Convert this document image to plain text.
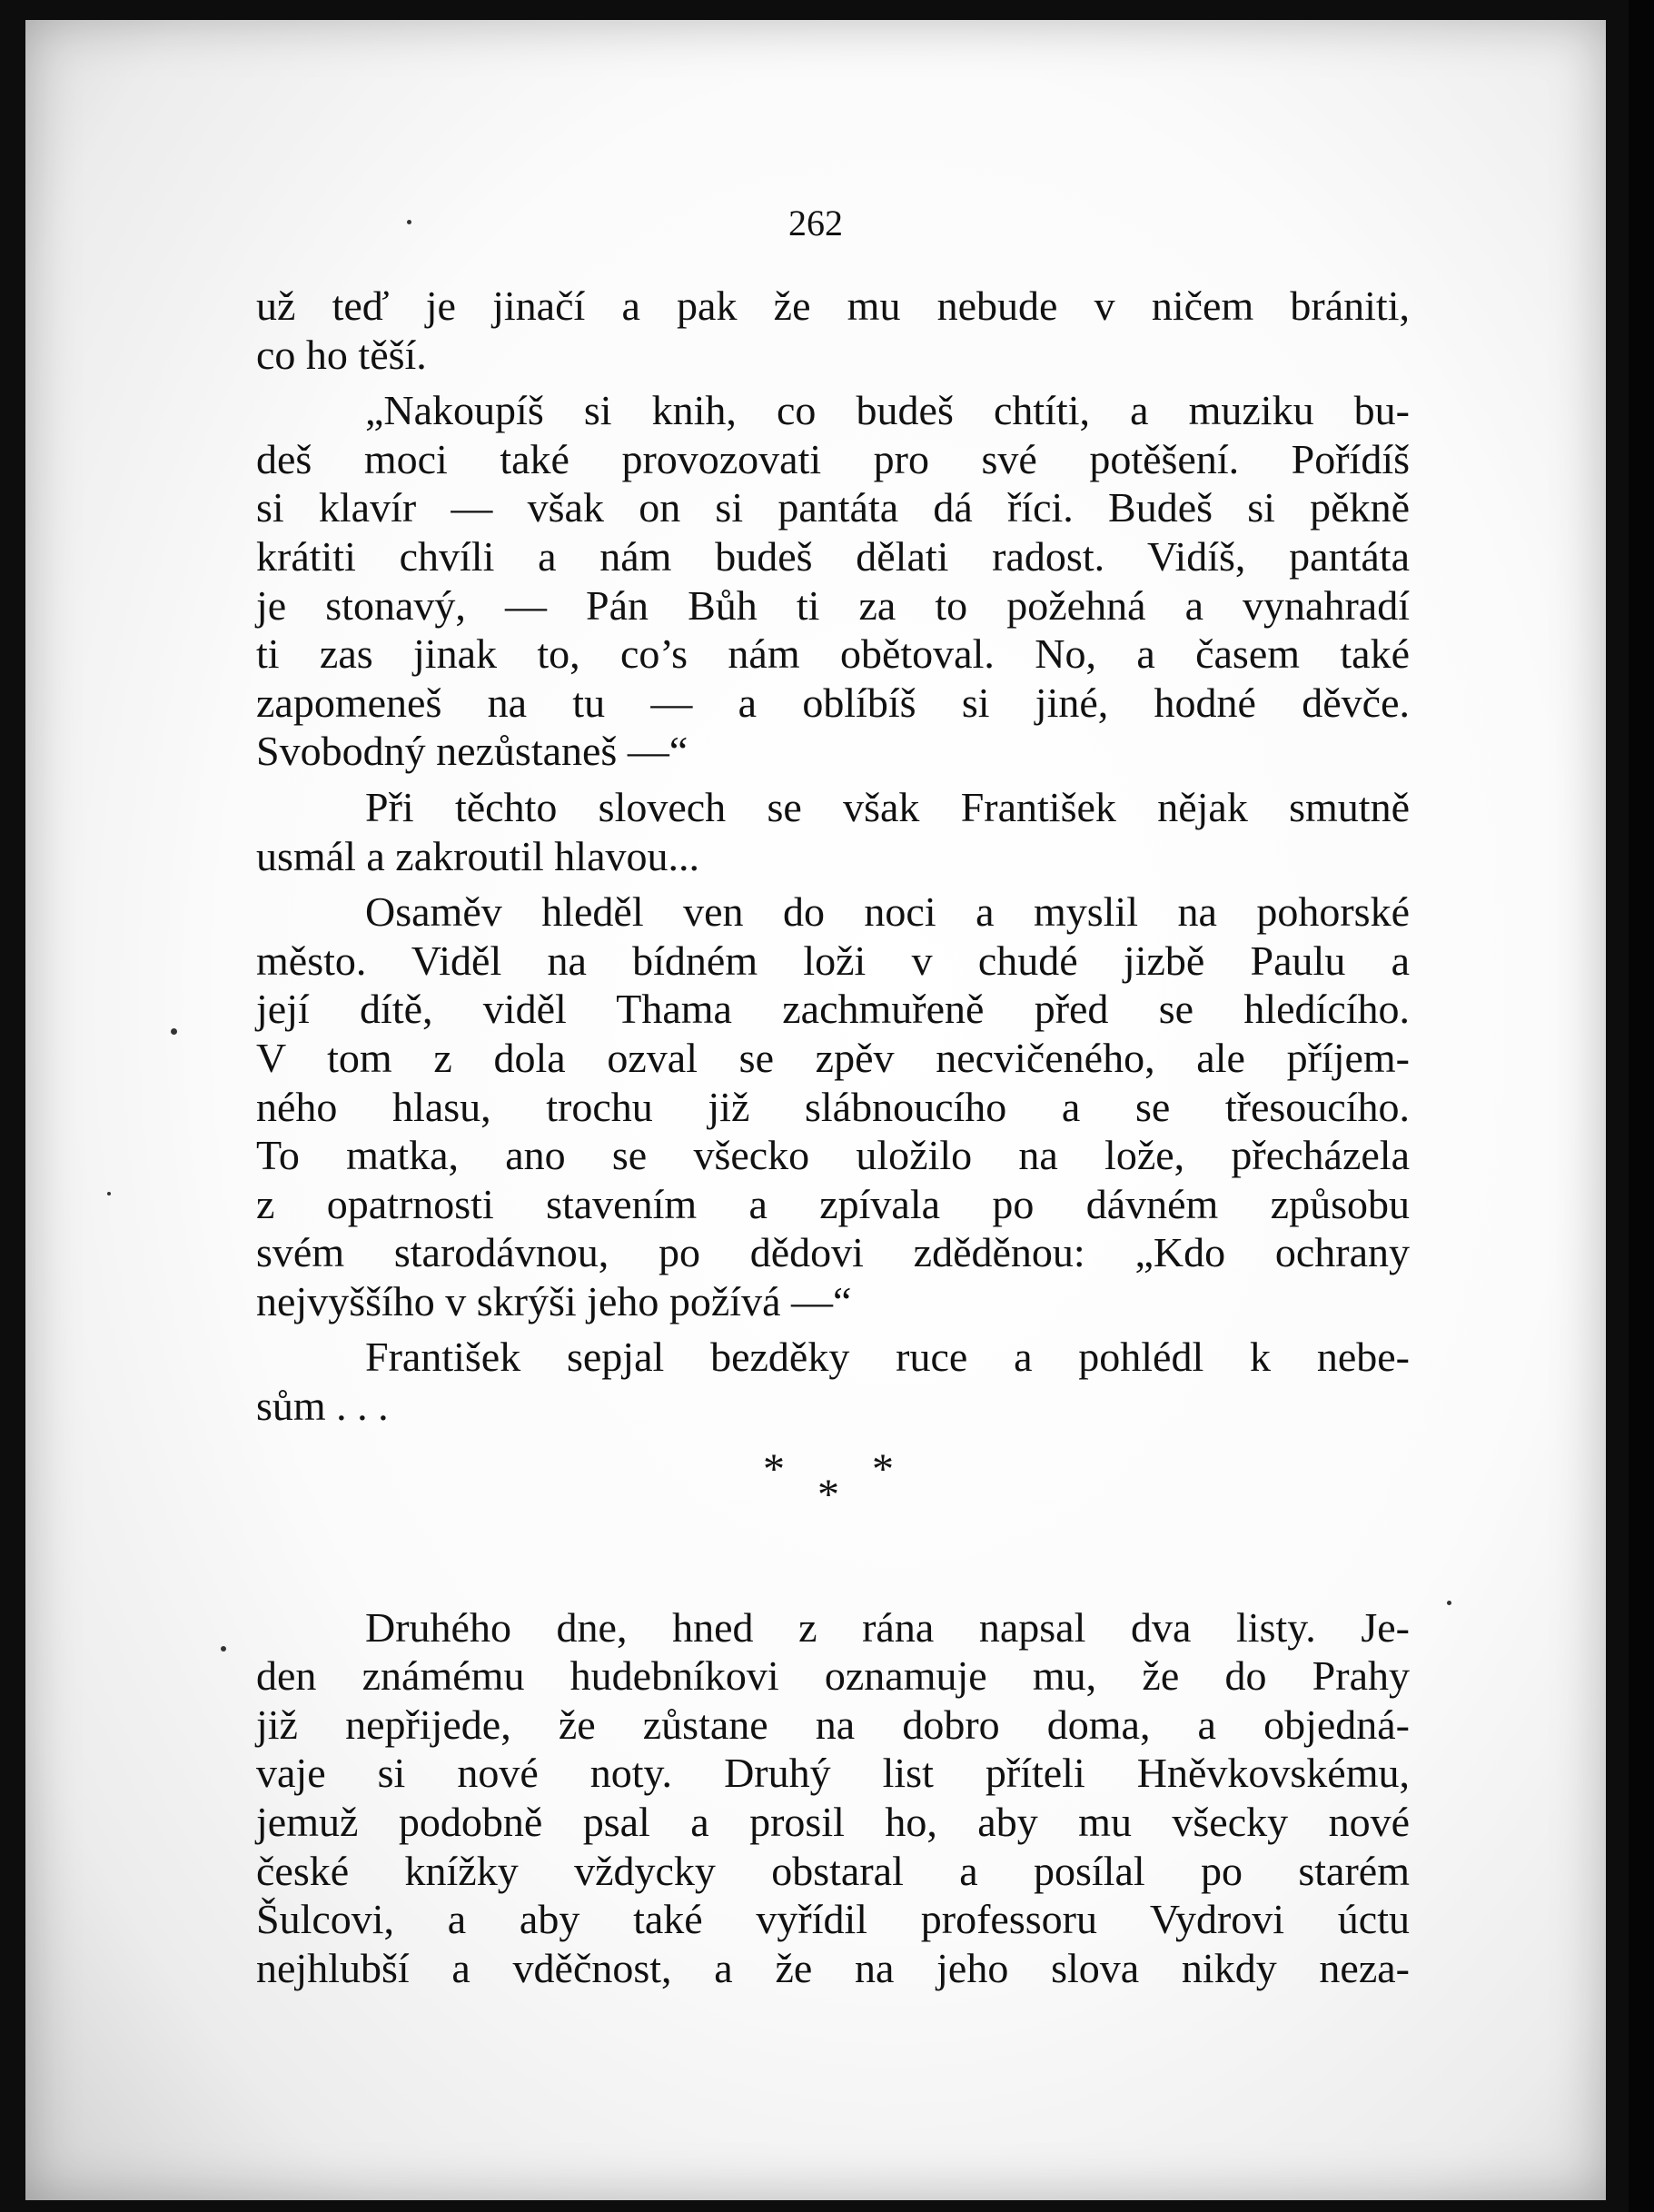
262
už teď je jinačí a pak že mu nebude v ničem brániti,
co ho těší.
„Nakoupíš si knih, co budeš chtíti, a muziku bu-
deš moci také provozovati pro své potěšení. Pořídíš
si klavír — však on si pantáta dá říci. Budeš si pěkně
krátiti chvíli a nám budeš dělati radost. Vidíš, pantáta
je stonavý, — Pán Bůh ti za to požehná a vynahradí
ti zas jinak to, co’s nám obětoval. No, a časem také
zapomeneš na tu — a oblíbíš si jiné, hodné děvče.
Svobodný nezůstaneš —“
Při těchto slovech se však František nějak smutně
usmál a zakroutil hlavou...
Osaměv hleděl ven do noci a myslil na pohorské
město. Viděl na bídném loži v chudé jizbě Paulu a
její dítě, viděl Thama zachmuřeně před se hledícího.
V tom z dola ozval se zpěv necvičeného, ale příjem-
ného hlasu, trochu již slábnoucího a se třesoucího.
To matka, ano se všecko uložilo na lože, přecházela
z opatrnosti stavením a zpívala po dávném způsobu
svém starodávnou, po dědovi zděděnou: „Kdo ochrany
nejvyššího v skrýši jeho požívá —“
František sepjal bezděky ruce a pohlédl k nebe-
sům . . .
Druhého dne, hned z rána napsal dva listy. Je-
den známému hudebníkovi oznamuje mu, že do Prahy
již nepřijede, že zůstane na dobro doma, a objedná-
vaje si nové noty. Druhý list příteli Hněvkovskému,
jemuž podobně psal a prosil ho, aby mu všecky nové
české knížky vždycky obstaral a posílal po starém
Šulcovi, a aby také vyřídil professoru Vydrovi úctu
nejhlubší a vděčnost, a že na jeho slova nikdy neza-
* *
*
